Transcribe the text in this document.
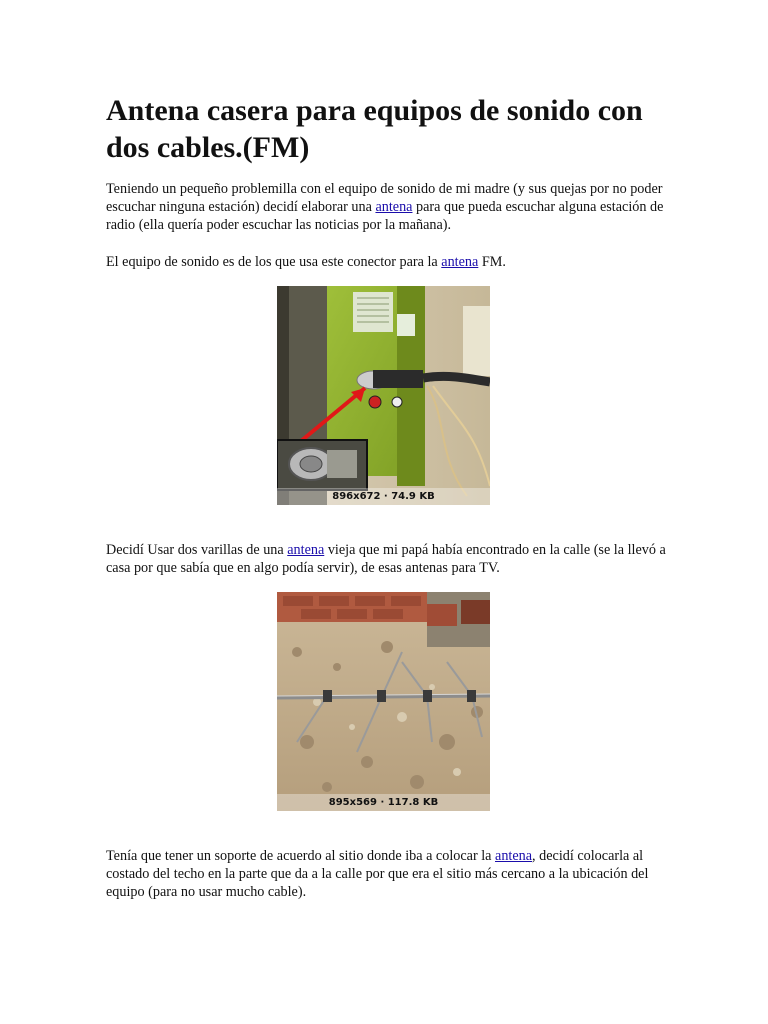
Antena casera para equipos de sonido con dos cables.(FM)

Teniendo un pequeño problemilla con el equipo de sonido de mi madre (y sus quejas por no poder escuchar ninguna estación) decidí elaborar una antena para que pueda escuchar alguna estación de radio (ella quería poder escuchar las noticias por la mañana).

El equipo de sonido es de los que usa este conector para la antena FM.

896x672 · 74.9 KB

Decidí Usar dos varillas de una antena vieja que mi papá había encontrado en la calle (se la llevó a casa por que sabía que en algo podía servir), de esas antenas para TV.

895x569 · 117.8 KB

Tenía que tener un soporte de acuerdo al sitio donde iba a colocar la antena, decidí colocarla al costado del techo en la parte que da a la calle por que era el sitio más cercano a la ubicación del equipo (para no usar mucho cable).
